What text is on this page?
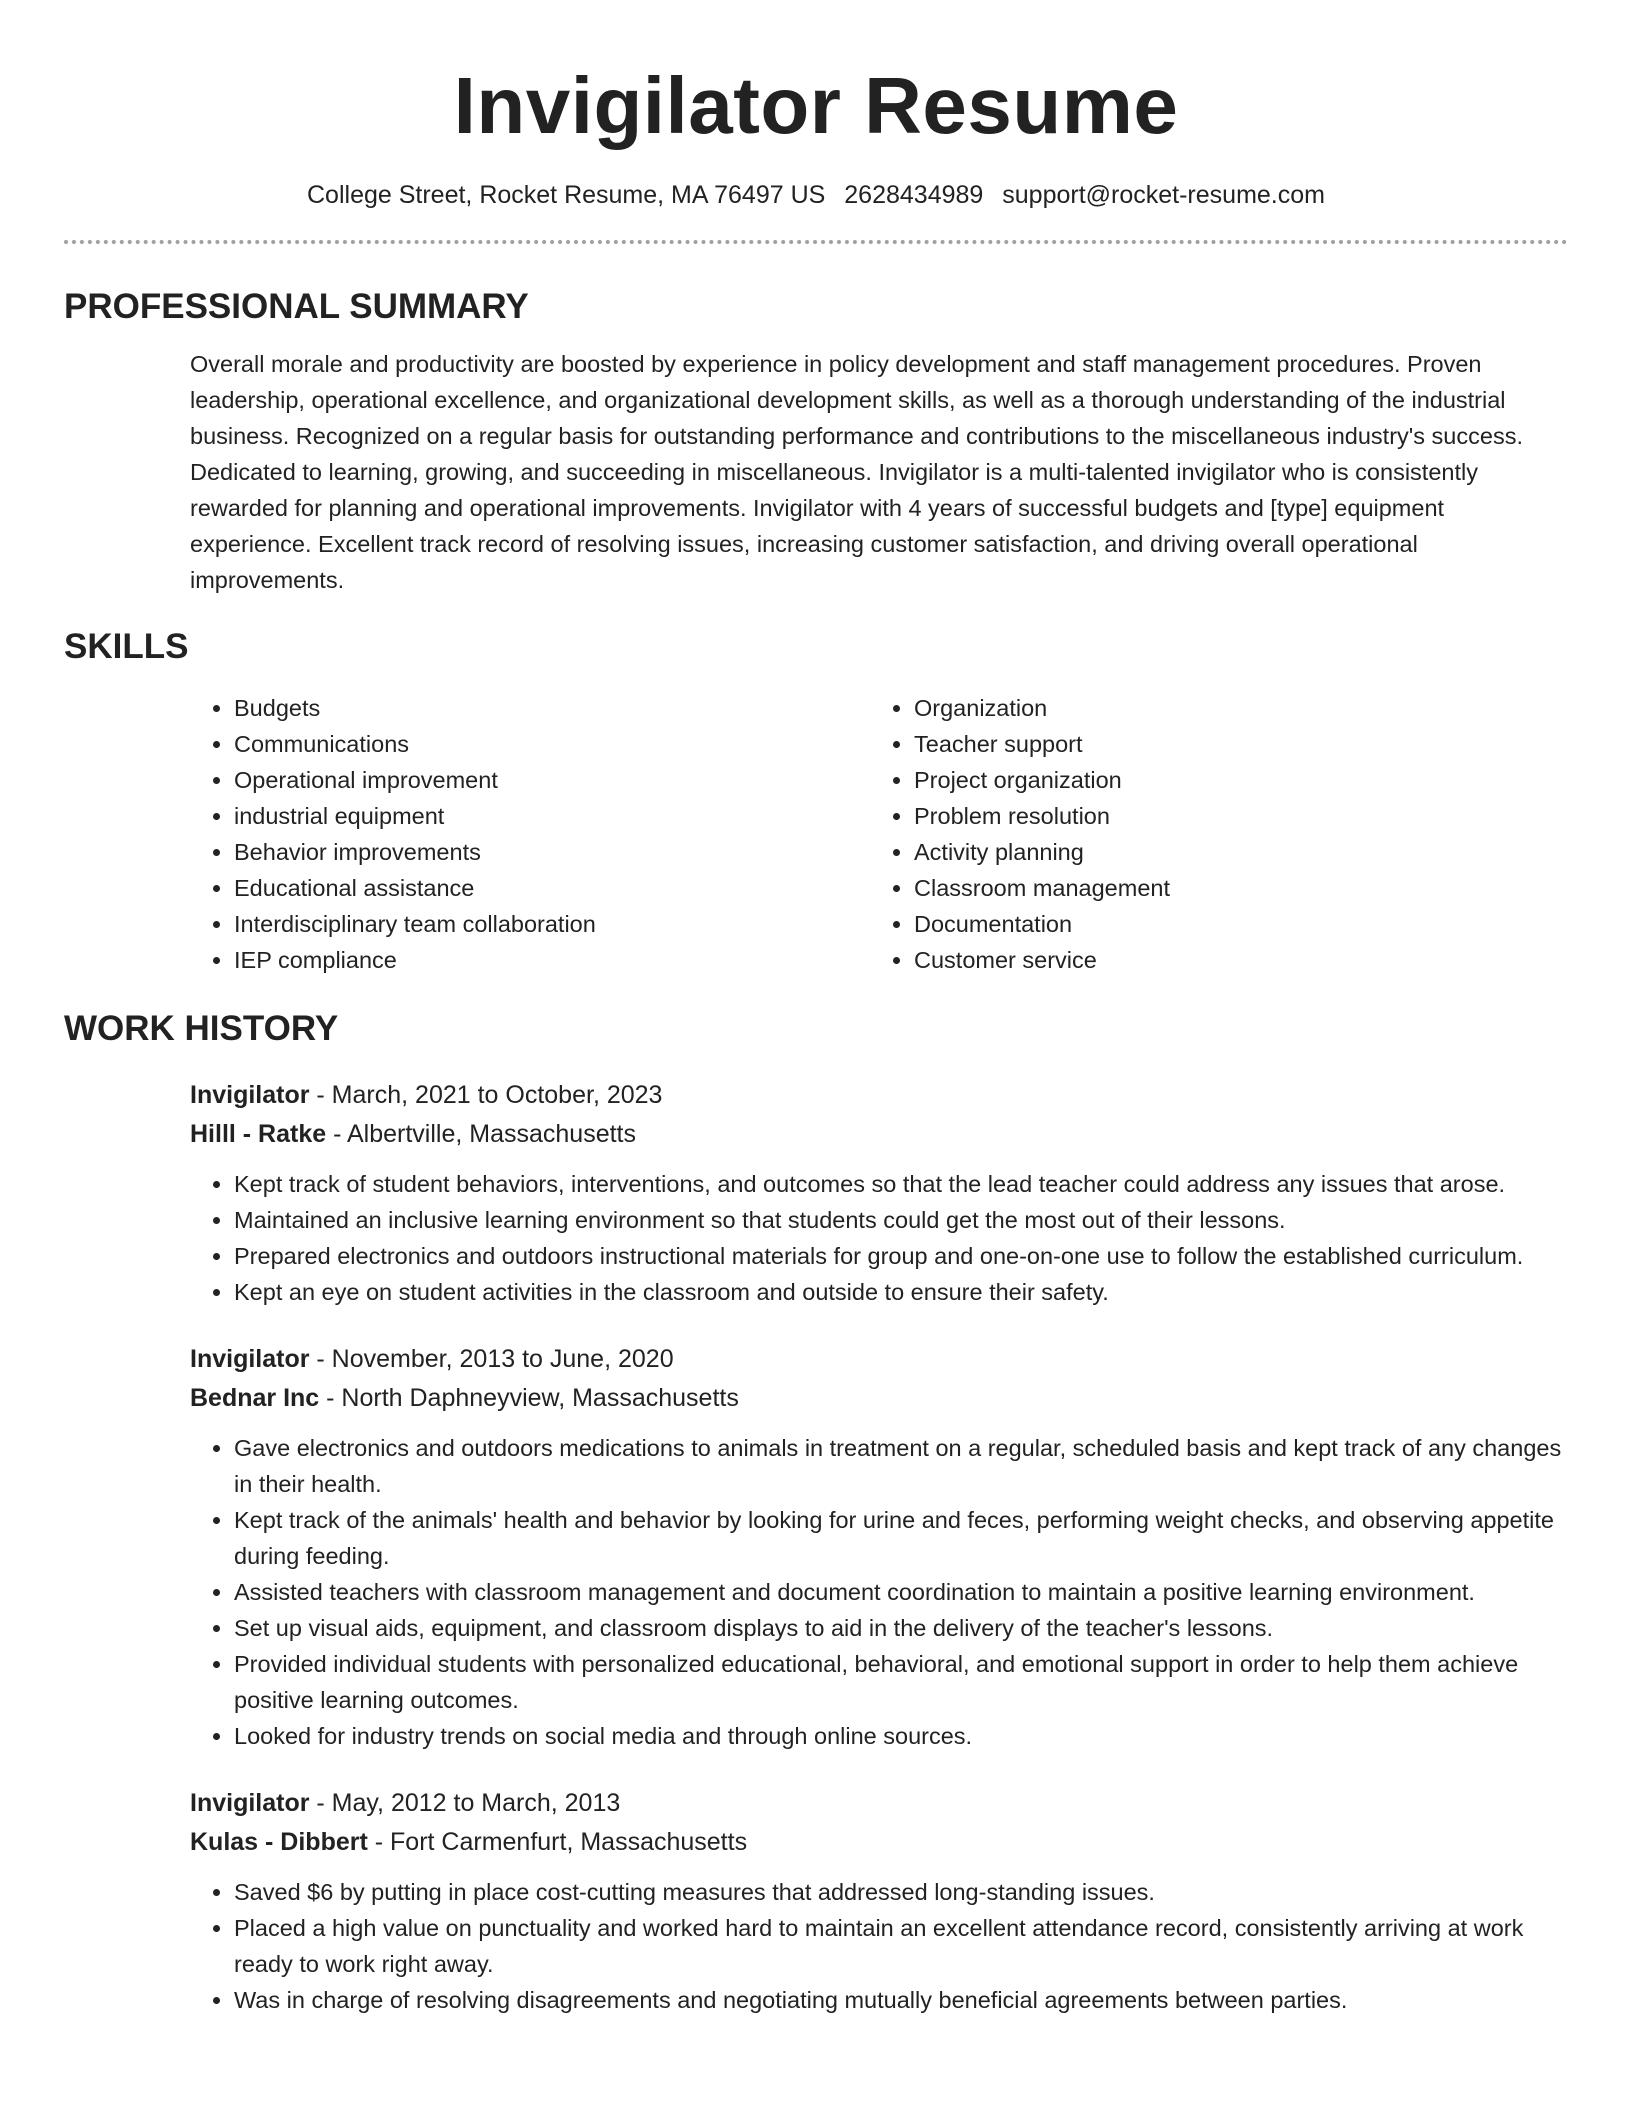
Invigilator Resume
College Street, Rocket Resume, MA 76497 US 2628434989 support@rocket-resume.com
PROFESSIONAL SUMMARY
Overall morale and productivity are boosted by experience in policy development and staff management procedures. Proven leadership, operational excellence, and organizational development skills, as well as a thorough understanding of the industrial business. Recognized on a regular basis for outstanding performance and contributions to the miscellaneous industry's success. Dedicated to learning, growing, and succeeding in miscellaneous. Invigilator is a multi-talented invigilator who is consistently rewarded for planning and operational improvements. Invigilator with 4 years of successful budgets and [type] equipment experience. Excellent track record of resolving issues, increasing customer satisfaction, and driving overall operational improvements.
SKILLS
• Budgets
• Communications
• Operational improvement
• industrial equipment
• Behavior improvements
• Educational assistance
• Interdisciplinary team collaboration
• IEP compliance
• Organization
• Teacher support
• Project organization
• Problem resolution
• Activity planning
• Classroom management
• Documentation
• Customer service
WORK HISTORY
Invigilator - March, 2021 to October, 2023
Hilll - Ratke - Albertville, Massachusetts
• Kept track of student behaviors, interventions, and outcomes so that the lead teacher could address any issues that arose.
• Maintained an inclusive learning environment so that students could get the most out of their lessons.
• Prepared electronics and outdoors instructional materials for group and one-on-one use to follow the established curriculum.
• Kept an eye on student activities in the classroom and outside to ensure their safety.
Invigilator - November, 2013 to June, 2020
Bednar Inc - North Daphneyview, Massachusetts
• Gave electronics and outdoors medications to animals in treatment on a regular, scheduled basis and kept track of any changes in their health.
• Kept track of the animals' health and behavior by looking for urine and feces, performing weight checks, and observing appetite during feeding.
• Assisted teachers with classroom management and document coordination to maintain a positive learning environment.
• Set up visual aids, equipment, and classroom displays to aid in the delivery of the teacher's lessons.
• Provided individual students with personalized educational, behavioral, and emotional support in order to help them achieve positive learning outcomes.
• Looked for industry trends on social media and through online sources.
Invigilator - May, 2012 to March, 2013
Kulas - Dibbert - Fort Carmenfurt, Massachusetts
• Saved $6 by putting in place cost-cutting measures that addressed long-standing issues.
• Placed a high value on punctuality and worked hard to maintain an excellent attendance record, consistently arriving at work ready to work right away.
• Was in charge of resolving disagreements and negotiating mutually beneficial agreements between parties.
